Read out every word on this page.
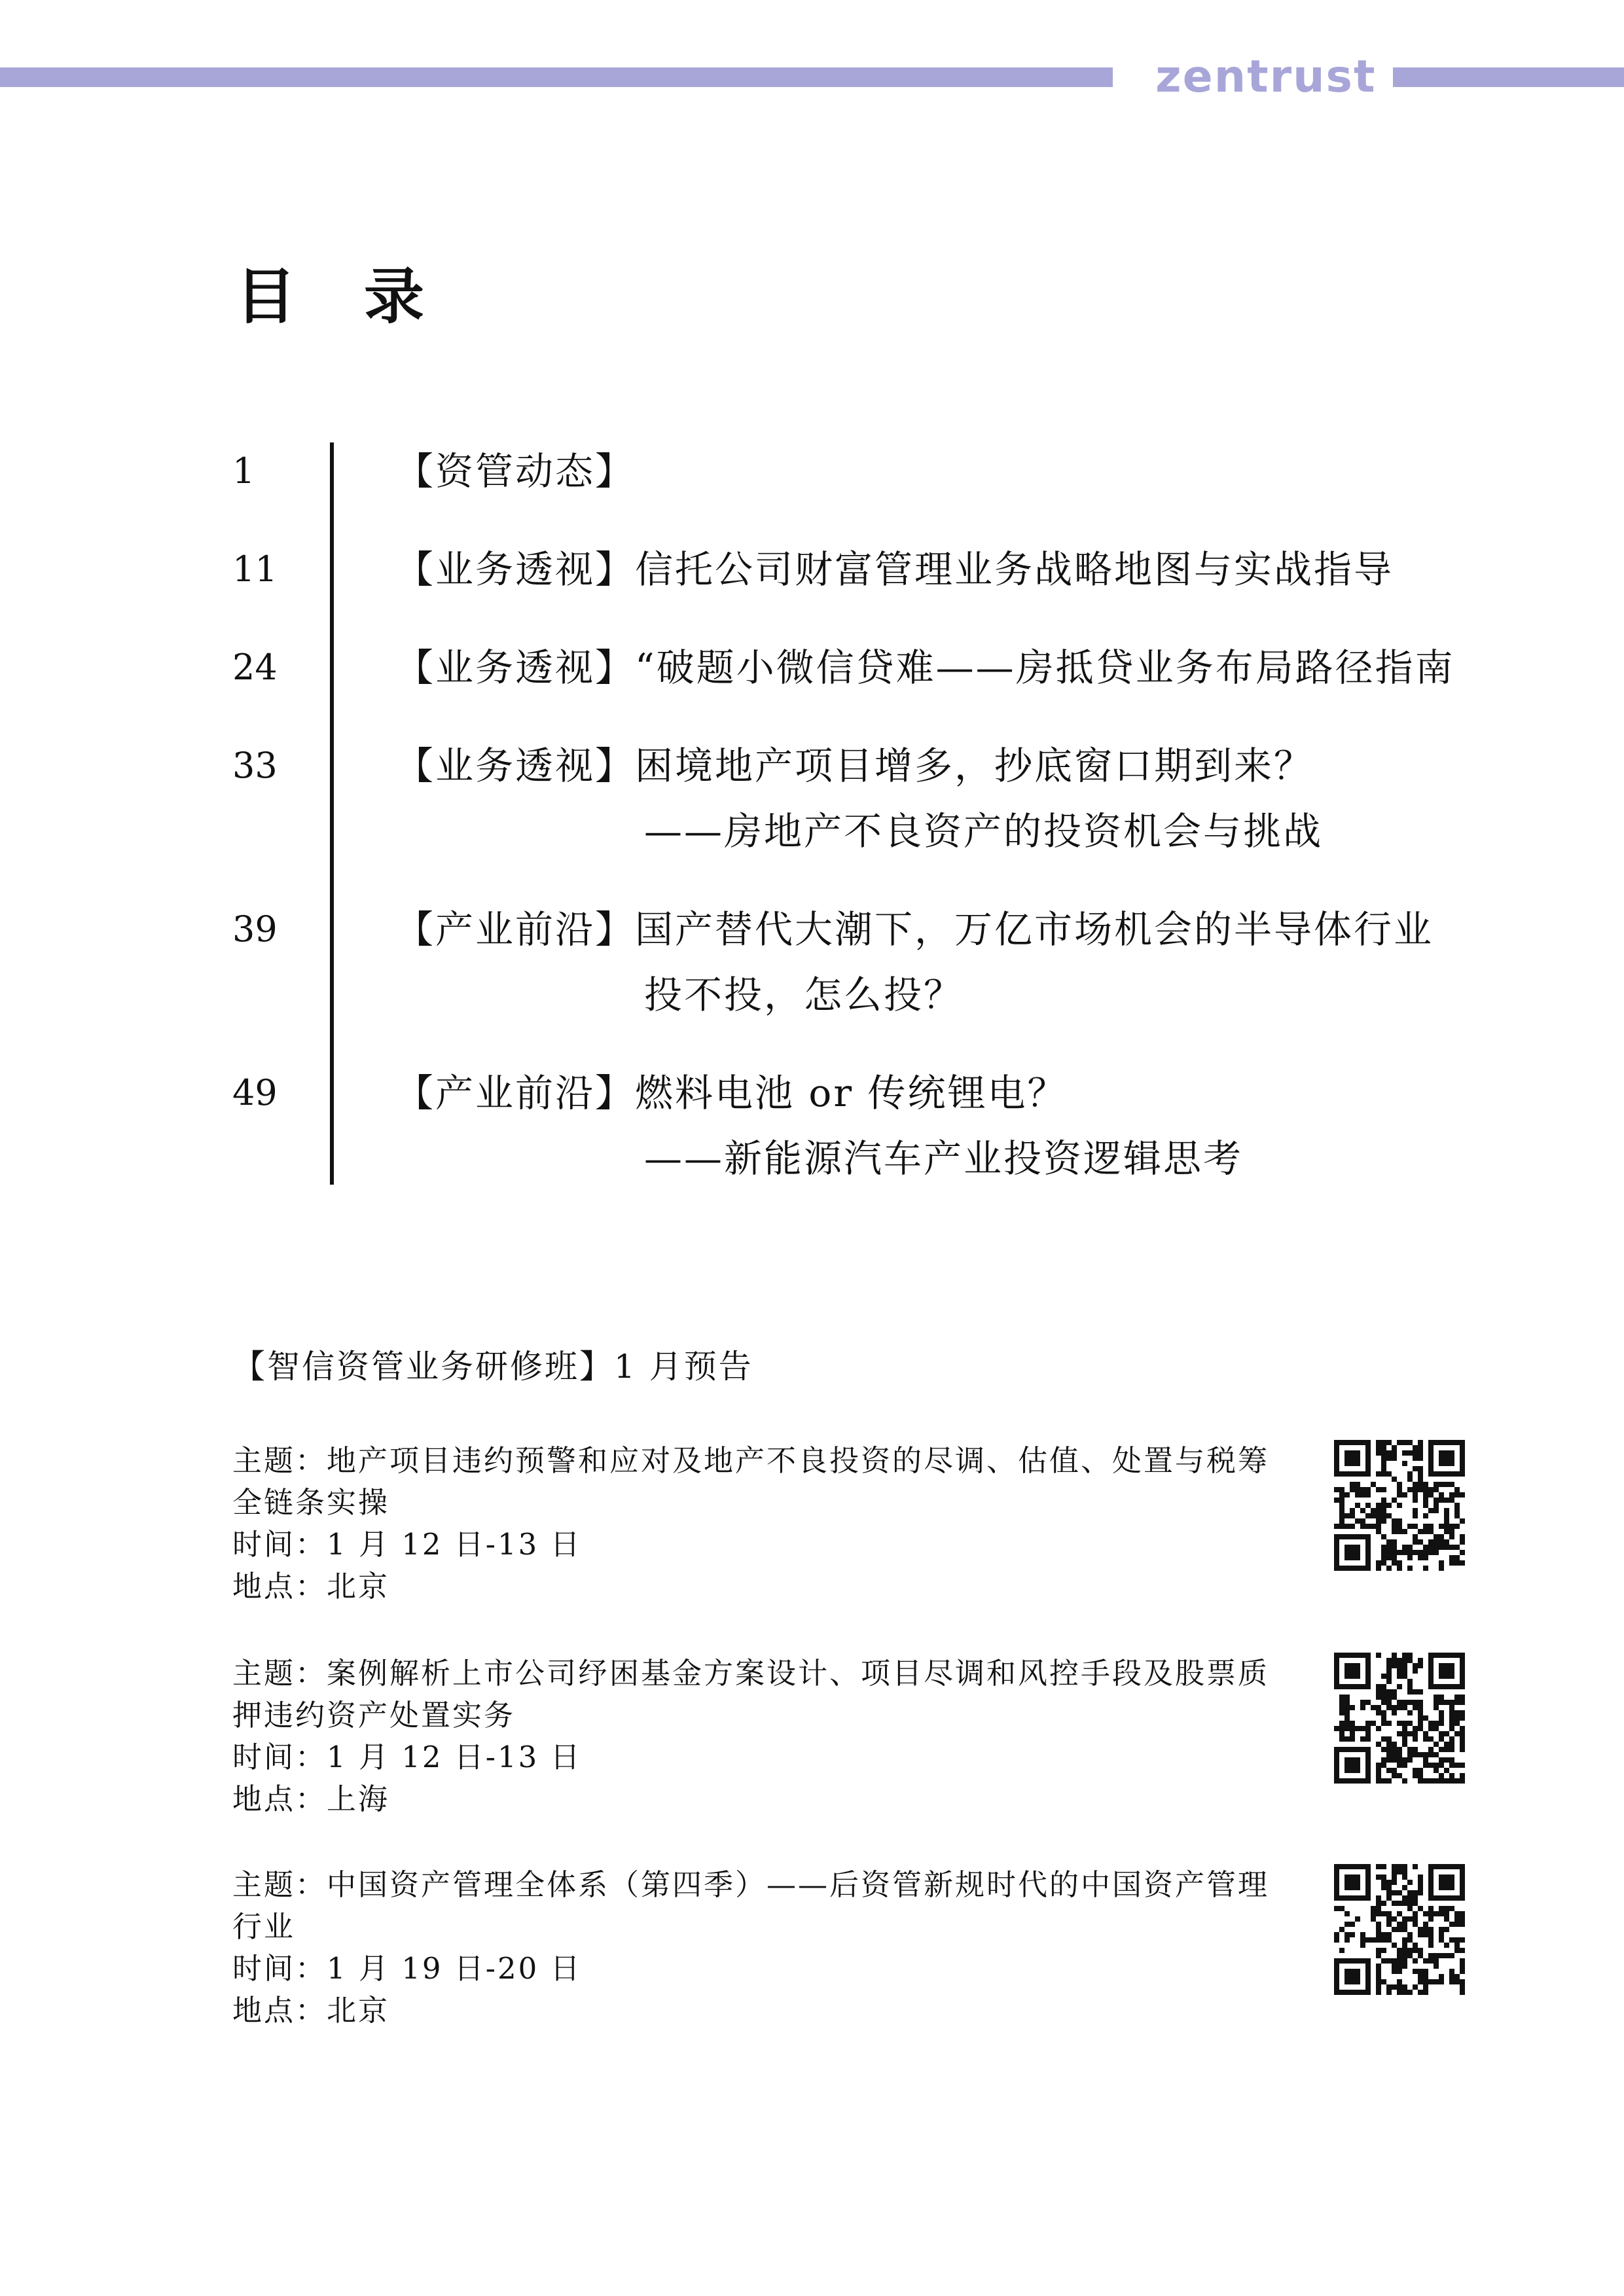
zentrust
目 录
1	【资管动态】
11	【业务透视】信托公司财富管理业务战略地图与实战指导
24	【业务透视】“破题小微信贷难——房抵贷业务布局路径指南
33	【业务透视】困境地产项目增多，抄底窗口期到来？
——房地产不良资产的投资机会与挑战
39	【产业前沿】国产替代大潮下，万亿市场机会的半导体行业
投不投，怎么投？
49	【产业前沿】燃料电池 or 传统锂电？
——新能源汽车产业投资逻辑思考
【智信资管业务研修班】1 月预告
主题：地产项目违约预警和应对及地产不良投资的尽调、估值、处置与税筹
全链条实操
时间：1 月 12 日-13 日
地点：北京
主题：案例解析上市公司纾困基金方案设计、项目尽调和风控手段及股票质
押违约资产处置实务
时间：1 月 12 日-13 日
地点：上海
主题：中国资产管理全体系（第四季）——后资管新规时代的中国资产管理
行业
时间：1 月 19 日-20 日
地点：北京
